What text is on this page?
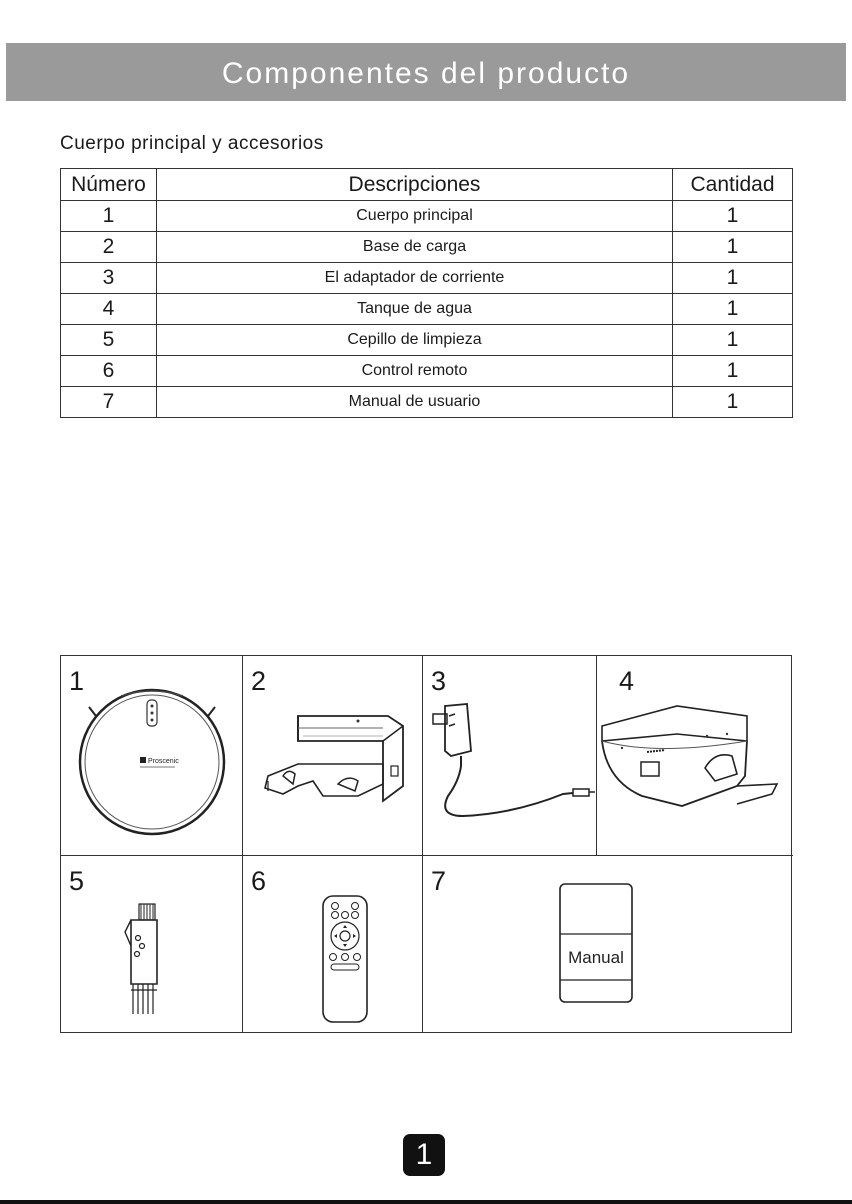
Componentes del producto
Cuerpo principal y accesorios
Número	Descripciones	Cantidad
1	Cuerpo principal	1
2	Base de carga	1
3	El adaptador de corriente	1
4	Tanque de agua	1
5	Cepillo de limpieza	1
6	Control remoto	1
7	Manual de usuario	1
1
Proscenic
2	3	4
5	6	7
Manual
1
